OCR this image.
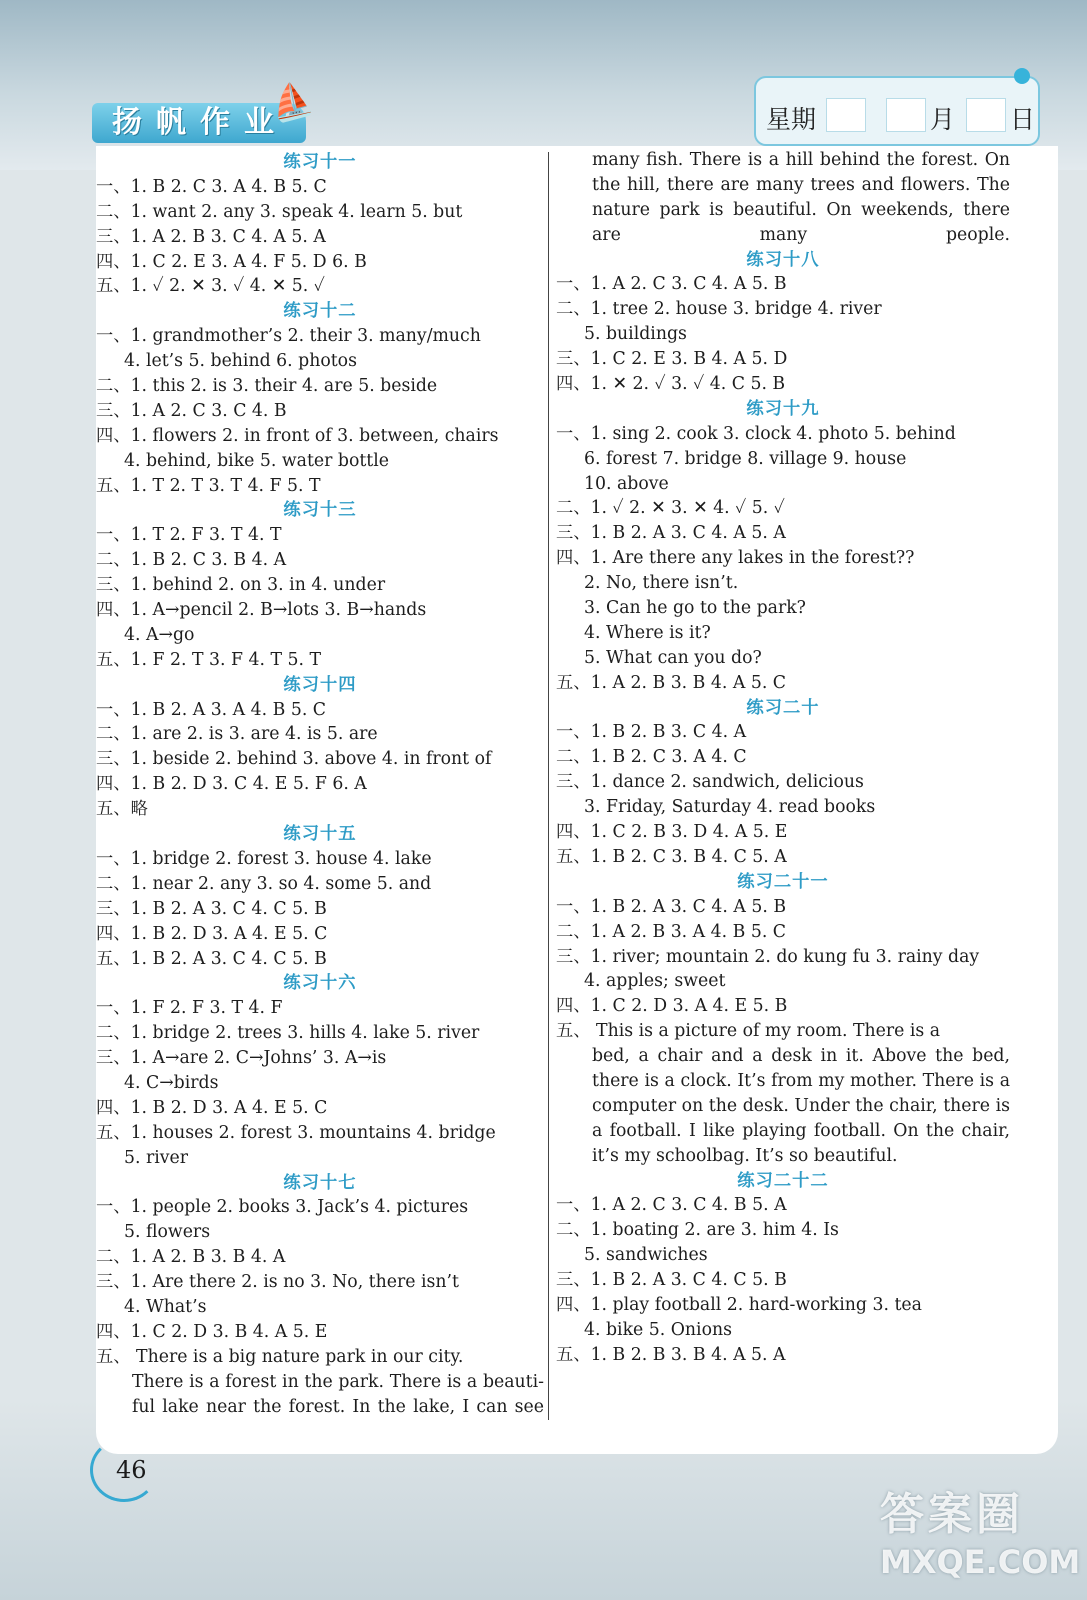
扬帆作业
⛵	星期	月 日
练习十一
一、1. B 2. C 3. A 4. B 5. C
二、1. want 2. any 3. speak 4. learn 5. but
三、1. A 2. B 3. C 4. A 5. A
四、1. C 2. E 3. A 4. F 5. D 6. B
五、1. ✓ 2. ✕ 3. ✓ 4. ✕ 5. ✓
练习十二
一、1. grandmother’s 2. their 3. many/much
4. let’s 5. behind 6. photos
二、1. this 2. is 3. their 4. are 5. beside
三、1. A 2. C 3. C 4. B
四、1. flowers 2. in front of 3. between, chairs
4. behind, bike 5. water bottle
五、1. T 2. T 3. T 4. F 5. T
练习十三
一、1. T 2. F 3. T 4. T
二、1. B 2. C 3. B 4. A
三、1. behind 2. on 3. in 4. under
四、1. A→pencil 2. B→lots 3. B→hands
4. A→go
五、1. F 2. T 3. F 4. T 5. T
练习十四
一、1. B 2. A 3. A 4. B 5. C
二、1. are 2. is 3. are 4. is 5. are
三、1. beside 2. behind 3. above 4. in front of
四、1. B 2. D 3. C 4. E 5. F 6. A
五、略
练习十五
一、1. bridge 2. forest 3. house 4. lake
二、1. near 2. any 3. so 4. some 5. and
三、1. B 2. A 3. C 4. C 5. B
四、1. B 2. D 3. A 4. E 5. C
五、1. B 2. A 3. C 4. C 5. B
练习十六
一、1. F 2. F 3. T 4. F
二、1. bridge 2. trees 3. hills 4. lake 5. river
三、1. A→are 2. C→Johns’ 3. A→is
4. C→birds
四、1. B 2. D 3. A 4. E 5. C
五、1. houses 2. forest 3. mountains 4. bridge
5. river
练习十七
一、1. people 2. books 3. Jack’s 4. pictures
5. flowers
二、1. A 2. B 3. B 4. A
三、1. Are there 2. is no 3. No, there isn’t
4. What’s
四、1. C 2. D 3. B 4. A 5. E
五、 There is a big nature park in our city.
There is a forest in the park. There is a beauti-
ful lake near the forest. In the lake, I can see
many fish. There is a hill behind the forest. On
the hill, there are many trees and flowers. The
nature park is beautiful. On weekends, there
are many people.
练习十八
一、1. A 2. C 3. C 4. A 5. B
二、1. tree 2. house 3. bridge 4. river
5. buildings
三、1. C 2. E 3. B 4. A 5. D
四、1. ✕ 2. ✓ 3. ✓ 4. C 5. B
练习十九
一、1. sing 2. cook 3. clock 4. photo 5. behind
6. forest 7. bridge 8. village 9. house
10. above
二、1. ✓ 2. ✕ 3. ✕ 4. ✓ 5. ✓
三、1. B 2. A 3. C 4. A 5. A
四、1. Are there any lakes in the forest??
2. No, there isn’t.
3. Can he go to the park?
4. Where is it?
5. What can you do?
五、1. A 2. B 3. B 4. A 5. C
练习二十
一、1. B 2. B 3. C 4. A
二、1. B 2. C 3. A 4. C
三、1. dance 2. sandwich, delicious
3. Friday, Saturday 4. read books
四、1. C 2. B 3. D 4. A 5. E
五、1. B 2. C 3. B 4. C 5. A
练习二十一
一、1. B 2. A 3. C 4. A 5. B
二、1. A 2. B 3. A 4. B 5. C
三、1. river; mountain 2. do kung fu 3. rainy day
4. apples; sweet
四、1. C 2. D 3. A 4. E 5. B
五、 This is a picture of my room. There is a
bed, a chair and a desk in it. Above the bed,
there is a clock. It’s from my mother. There is a
computer on the desk. Under the chair, there is
a football. I like playing football. On the chair,
it’s my schoolbag. It’s so beautiful.
练习二十二
一、1. A 2. C 3. C 4. B 5. A
二、1. boating 2. are 3. him 4. Is
5. sandwiches
三、1. B 2. A 3. C 4. C 5. B
四、1. play football 2. hard-working 3. tea
4. bike 5. Onions
五、1. B 2. B 3. B 4. A 5. A
46
答案圈
MXQE.COM
